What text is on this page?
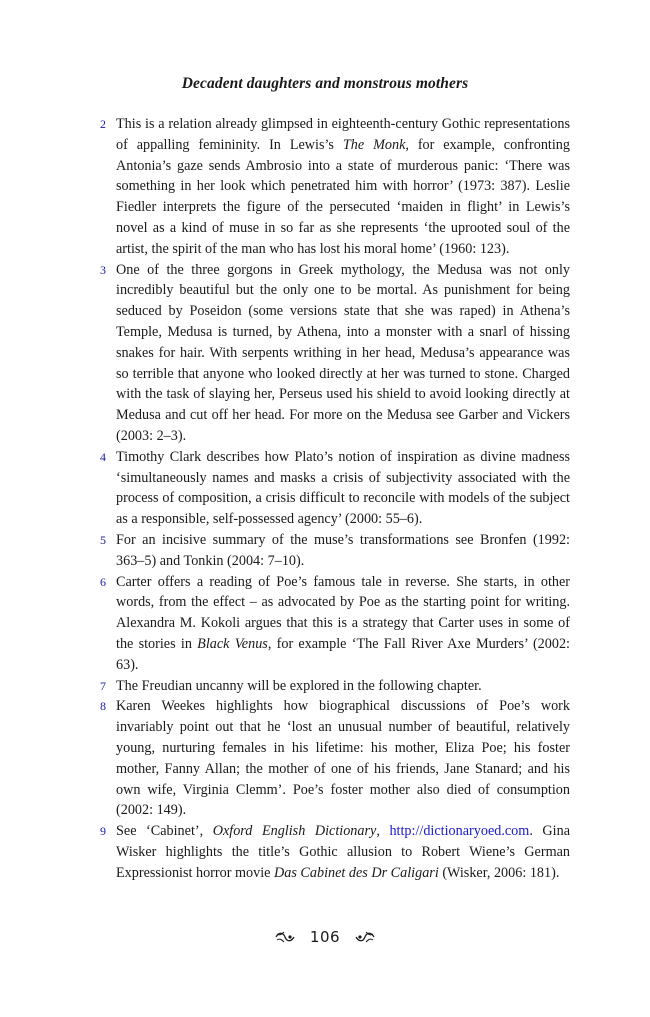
Decadent daughters and monstrous mothers
2 This is a relation already glimpsed in eighteenth-century Gothic representations of appalling femininity. In Lewis’s The Monk, for example, confronting Antonia’s gaze sends Ambrosio into a state of murderous panic: ‘There was something in her look which penetrated him with horror’ (1973: 387). Leslie Fiedler interprets the figure of the persecuted ‘maiden in flight’ in Lewis’s novel as a kind of muse in so far as she represents ‘the uprooted soul of the artist, the spirit of the man who has lost his moral home’ (1960: 123).
3 One of the three gorgons in Greek mythology, the Medusa was not only incredibly beautiful but the only one to be mortal. As punishment for being seduced by Poseidon (some versions state that she was raped) in Athena’s Temple, Medusa is turned, by Athena, into a monster with a snarl of hissing snakes for hair. With serpents writhing in her head, Medusa’s appearance was so terrible that anyone who looked directly at her was turned to stone. Charged with the task of slaying her, Perseus used his shield to avoid looking directly at Medusa and cut off her head. For more on the Medusa see Garber and Vickers (2003: 2–3).
4 Timothy Clark describes how Plato’s notion of inspiration as divine madness ‘simultaneously names and masks a crisis of subjectivity associated with the process of composition, a crisis difficult to reconcile with models of the subject as a responsible, self-possessed agency’ (2000: 55–6).
5 For an incisive summary of the muse’s transformations see Bronfen (1992: 363–5) and Tonkin (2004: 7–10).
6 Carter offers a reading of Poe’s famous tale in reverse. She starts, in other words, from the effect – as advocated by Poe as the starting point for writing. Alexandra M. Kokoli argues that this is a strategy that Carter uses in some of the stories in Black Venus, for example ‘The Fall River Axe Murders’ (2002: 63).
7 The Freudian uncanny will be explored in the following chapter.
8 Karen Weekes highlights how biographical discussions of Poe’s work invariably point out that he ‘lost an unusual number of beautiful, relatively young, nurturing females in his lifetime: his mother, Eliza Poe; his foster mother, Fanny Allan; the mother of one of his friends, Jane Stanard; and his own wife, Virginia Clemm’. Poe’s foster mother also died of consumption (2002: 149).
9 See ‘Cabinet’, Oxford English Dictionary, http://dictionaryoed.com. Gina Wisker highlights the title’s Gothic allusion to Robert Wiene’s German Expressionist horror movie Das Cabinet des Dr Caligari (Wisker, 2006: 181).
106
